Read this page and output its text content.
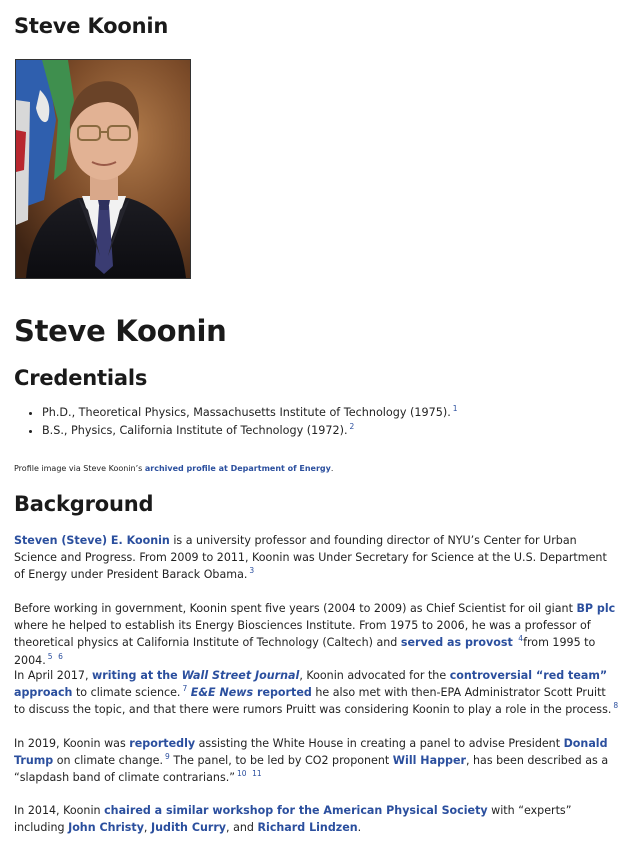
Steve Koonin
Steve Koonin
Credentials
• Ph.D., Theoretical Physics, Massachusetts Institute of Technology (1975). $^1$
• B.S., Physics, California Institute of Technology (1972). $^2$

Profile image via Steve Koonin’s archived profile at Department of Energy.

Background

Steven (Steve) E. Koonin is a university professor and founding director of NYU’s Center for Urban Science and Progress. From 2009 to 2011, Koonin was Under Secretary for Science at the U.S. Department of Energy under President Barack Obama. $^3$

Before working in government, Koonin spent five years (2004 to 2009) as Chief Scientist for oil giant BP plc where he helped to establish its Energy Biosciences Institute. From 1975 to 2006, he was a professor of theoretical physics at California Institute of Technology (Caltech) and served as provost $^4$from 1995 to 2004. $^5$ $^6$

In April 2017, writing at the Wall Street Journal, Koonin advocated for the controversial “red team” approach to climate science. $^7$ E&E News reported he also met with then-EPA Administrator Scott Pruitt to discuss the topic, and that there were rumors Pruitt was considering Koonin to play a role in the process. $^8$

In 2019, Koonin was reportedly assisting the White House in creating a panel to advise President Donald Trump on climate change. $^9$ The panel, to be led by CO2 proponent Will Happer, has been described as a “slapdash band of climate contrarians.” $^{10}$ $^{11}$

In 2014, Koonin chaired a similar workshop for the American Physical Society with “experts” including John Christy, Judith Curry, and Richard Lindzen.
